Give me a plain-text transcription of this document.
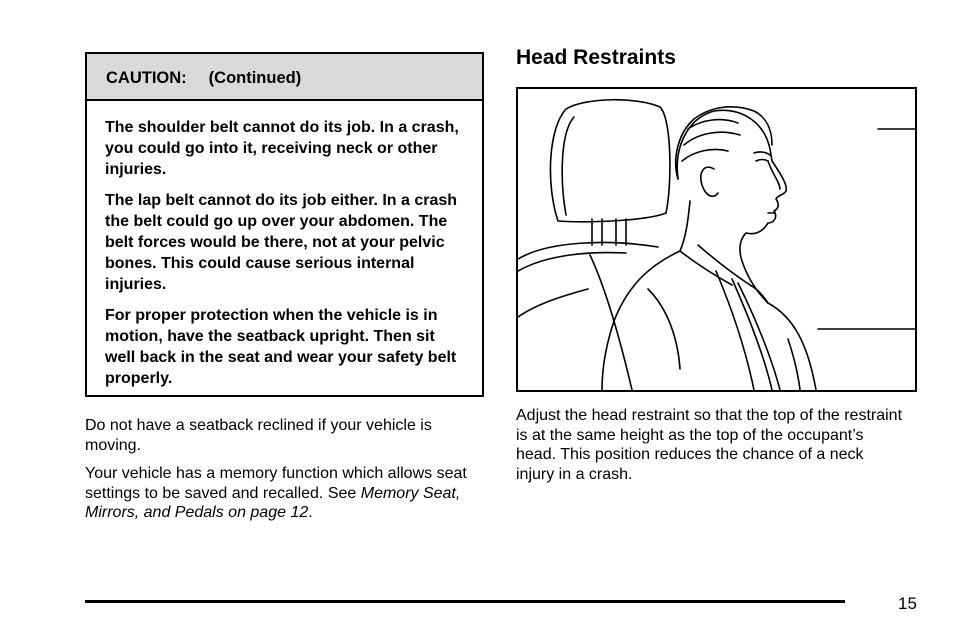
CAUTION: (Continued)

The shoulder belt cannot do its job. In a crash, you could go into it, receiving neck or other injuries.

The lap belt cannot do its job either. In a crash the belt could go up over your abdomen. The belt forces would be there, not at your pelvic bones. This could cause serious internal injuries.

For proper protection when the vehicle is in motion, have the seatback upright. Then sit well back in the seat and wear your safety belt properly.

Do not have a seatback reclined if your vehicle is moving.

Your vehicle has a memory function which allows seat settings to be saved and recalled. See Memory Seat, Mirrors, and Pedals on page 12.

Head Restraints

Adjust the head restraint so that the top of the restraint is at the same height as the top of the occupant’s head. This position reduces the chance of a neck injury in a crash.

15
